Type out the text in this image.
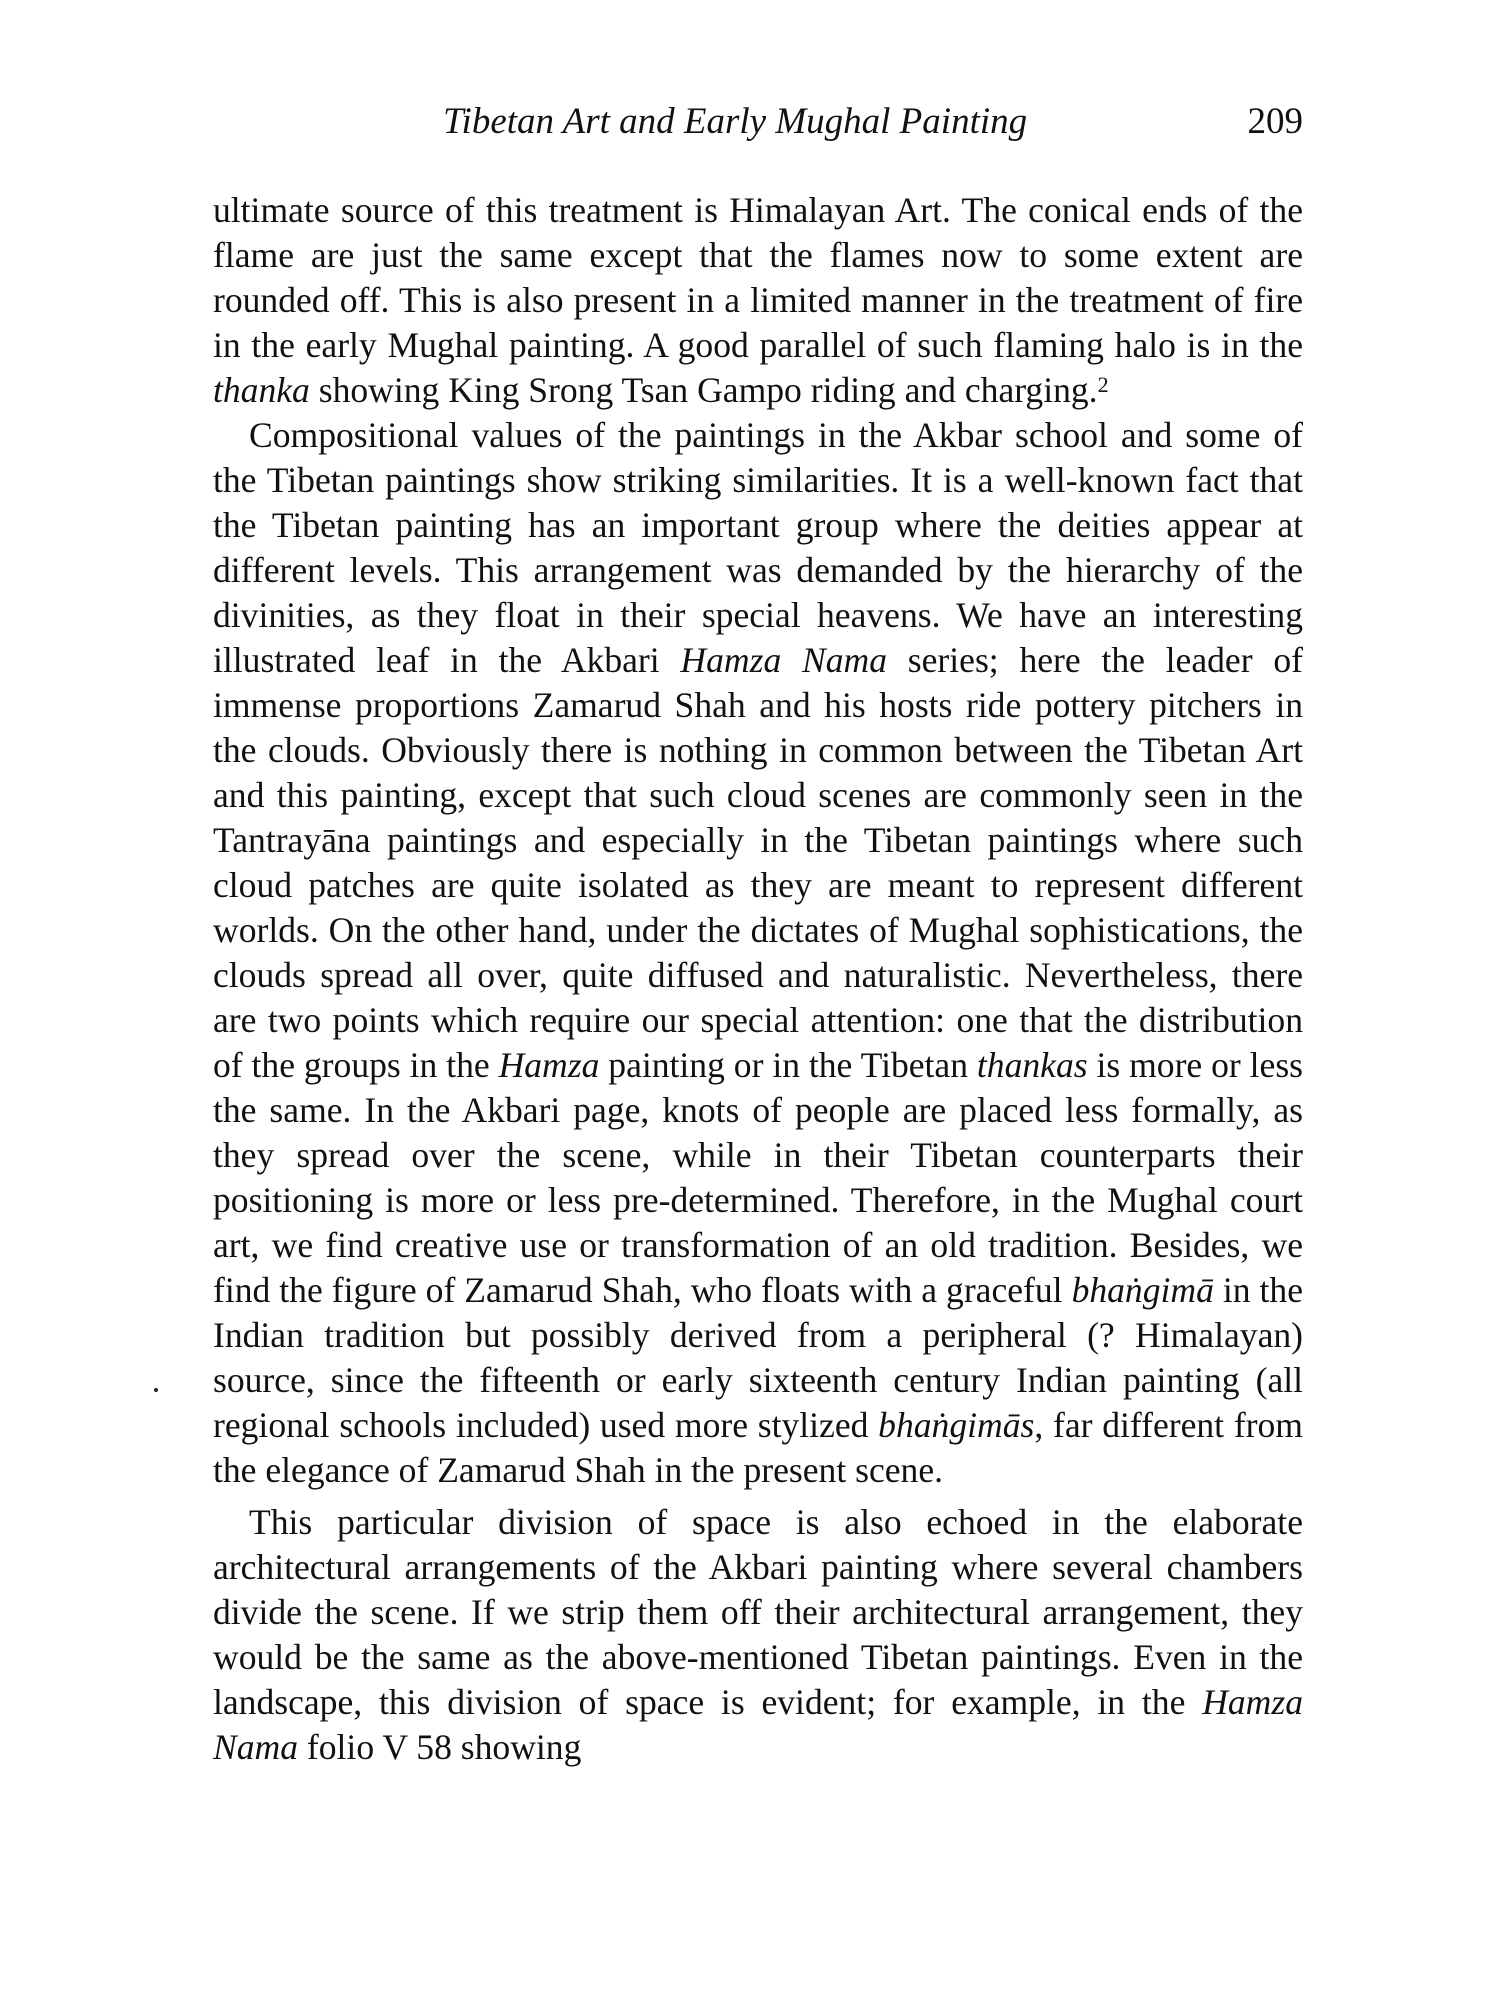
Tibetan Art and Early Mughal Painting	209

ultimate source of this treatment is Himalayan Art. The conical ends of the flame are just the same except that the flames now to some extent are rounded off. This is also present in a limited manner in the treatment of fire in the early Mughal painting. A good parallel of such flaming halo is in the thanka showing King Srong Tsan Gampo riding and charging.$^2$

Compositional values of the paintings in the Akbar school and some of the Tibetan paintings show striking similarities. It is a well-known fact that the Tibetan painting has an important group where the deities appear at different levels. This arrangement was demanded by the hierarchy of the divinities, as they float in their special heavens. We have an interesting illustrated leaf in the Akbari Hamza Nama series; here the leader of immense proportions Zamarud Shah and his hosts ride pottery pitchers in the clouds. Obviously there is nothing in common between the Tibetan Art and this painting, except that such cloud scenes are commonly seen in the Tantrayāna paintings and especially in the Tibetan paintings where such cloud patches are quite isolated as they are meant to represent different worlds. On the other hand, under the dictates of Mughal sophistications, the clouds spread all over, quite diffused and naturalistic. Nevertheless, there are two points which require our special attention: one that the distribution of the groups in the Hamza painting or in the Tibetan thankas is more or less the same. In the Akbari page, knots of people are placed less formally, as they spread over the scene, while in their Tibetan counterparts their positioning is more or less pre-determined. Therefore, in the Mughal court art, we find creative use or transformation of an old tradition. Besides, we find the figure of Zamarud Shah, who floats with a graceful bhaṅgimā in the Indian tradition but possibly derived from a peripheral (? Himalayan) source, since the fifteenth or early sixteenth century Indian painting (all regional schools included) used more stylized bhaṅgimās, far different from the elegance of Zamarud Shah in the present scene.

This particular division of space is also echoed in the elaborate architectural arrangements of the Akbari painting where several chambers divide the scene. If we strip them off their architectural arrangement, they would be the same as the above-mentioned Tibetan paintings. Even in the landscape, this division of space is evident; for example, in the Hamza Nama folio V 58 showing
